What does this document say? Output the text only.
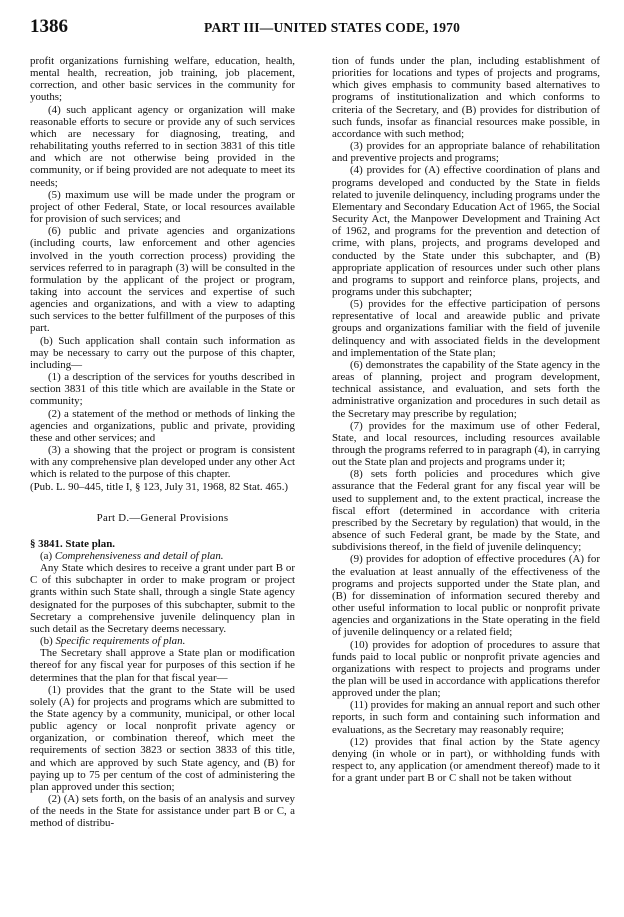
1386	PART III—UNITED STATES CODE, 1970

profit organizations furnishing welfare, education, health, mental health, recreation, job training, job placement, correction, and other basic services in the community for youths;

(4) such applicant agency or organization will make reasonable efforts to secure or provide any of such services which are necessary for diagnosing, treating, and rehabilitating youths referred to in section 3831 of this title and which are not otherwise being provided in the community, or if being provided are not adequate to meet its needs;

(5) maximum use will be made under the program or project of other Federal, State, or local resources available for provision of such services; and

(6) public and private agencies and organizations (including courts, law enforcement and other agencies involved in the youth correction process) providing the services referred to in paragraph (3) will be consulted in the formulation by the applicant of the project or program, taking into account the services and expertise of such agencies and organizations, and with a view to adapting such services to the better fulfillment of the purposes of this part.

(b) Such application shall contain such information as may be necessary to carry out the purpose of this chapter, including—

(1) a description of the services for youths described in section 3831 of this title which are available in the State or community;

(2) a statement of the method or methods of linking the agencies and organizations, public and private, providing these and other services; and

(3) a showing that the project or program is consistent with any comprehensive plan developed under any other Act which is related to the purpose of this chapter.

(Pub. L. 90–445, title I, § 123, July 31, 1968, 82 Stat. 465.)

Part D.—General Provisions

§ 3841. State plan.

(a) Comprehensiveness and detail of plan.

Any State which desires to receive a grant under part B or C of this subchapter in order to make program or project grants within such State shall, through a single State agency designated for the purposes of this subchapter, submit to the Secretary a comprehensive juvenile delinquency plan in such detail as the Secretary deems necessary.

(b) Specific requirements of plan.

The Secretary shall approve a State plan or modification thereof for any fiscal year for purposes of this section if he determines that the plan for that fiscal year—

(1) provides that the grant to the State will be used solely (A) for projects and programs which are submitted to the State agency by a community, municipal, or other local public agency or local nonprofit private agency or organization, or combination thereof, which meet the requirements of section 3823 or section 3833 of this title, and which are approved by such State agency, and (B) for paying up to 75 per centum of the cost of administering the plan approved under this section;

(2) (A) sets forth, on the basis of an analysis and survey of the needs in the State for assistance under part B or C, a method of distribu-

tion of funds under the plan, including establishment of priorities for locations and types of projects and programs, which gives emphasis to community based alternatives to programs of institutionalization and which conforms to criteria of the Secretary, and (B) provides for distribution of such funds, insofar as financial resources make possible, in accordance with such method;

(3) provides for an appropriate balance of rehabilitation and preventive projects and programs;

(4) provides for (A) effective coordination of plans and programs developed and conducted by the State in fields related to juvenile delinquency, including programs under the Elementary and Secondary Education Act of 1965, the Social Security Act, the Manpower Development and Training Act of 1962, and programs for the prevention and detection of crime, with plans, projects, and programs developed and conducted by the State under this subchapter, and (B) appropriate application of resources under such other plans and programs to support and reinforce plans, projects, and programs under this subchapter;

(5) provides for the effective participation of persons representative of local and areawide public and private groups and organizations familiar with the field of juvenile delinquency and with associated fields in the development and implementation of the State plan;

(6) demonstrates the capability of the State agency in the areas of planning, project and program development, technical assistance, and evaluation, and sets forth the administrative organization and procedures in such detail as the Secretary may prescribe by regulation;

(7) provides for the maximum use of other Federal, State, and local resources, including resources available through the programs referred to in paragraph (4), in carrying out the State plan and projects and programs under it;

(8) sets forth policies and procedures which give assurance that the Federal grant for any fiscal year will be used to supplement and, to the extent practical, increase the fiscal effort (determined in accordance with criteria prescribed by the Secretary by regulation) that would, in the absence of such Federal grant, be made by the State, and subdivisions thereof, in the field of juvenile delinquency;

(9) provides for adoption of effective procedures (A) for the evaluation at least annually of the effectiveness of the programs and projects supported under the State plan, and (B) for dissemination of information secured thereby and other useful information to local public or nonprofit private agencies and organizations in the State operating in the field of juvenile delinquency or a related field;

(10) provides for adoption of procedures to assure that funds paid to local public or nonprofit private agencies and organizations with respect to projects and programs under the plan will be used in accordance with applications therefor approved under the plan;

(11) provides for making an annual report and such other reports, in such form and containing such information and evaluations, as the Secretary may reasonably require;

(12) provides that final action by the State agency denying (in whole or in part), or withholding funds with respect to, any application (or amendment thereof) made to it for a grant under part B or C shall not be taken without
